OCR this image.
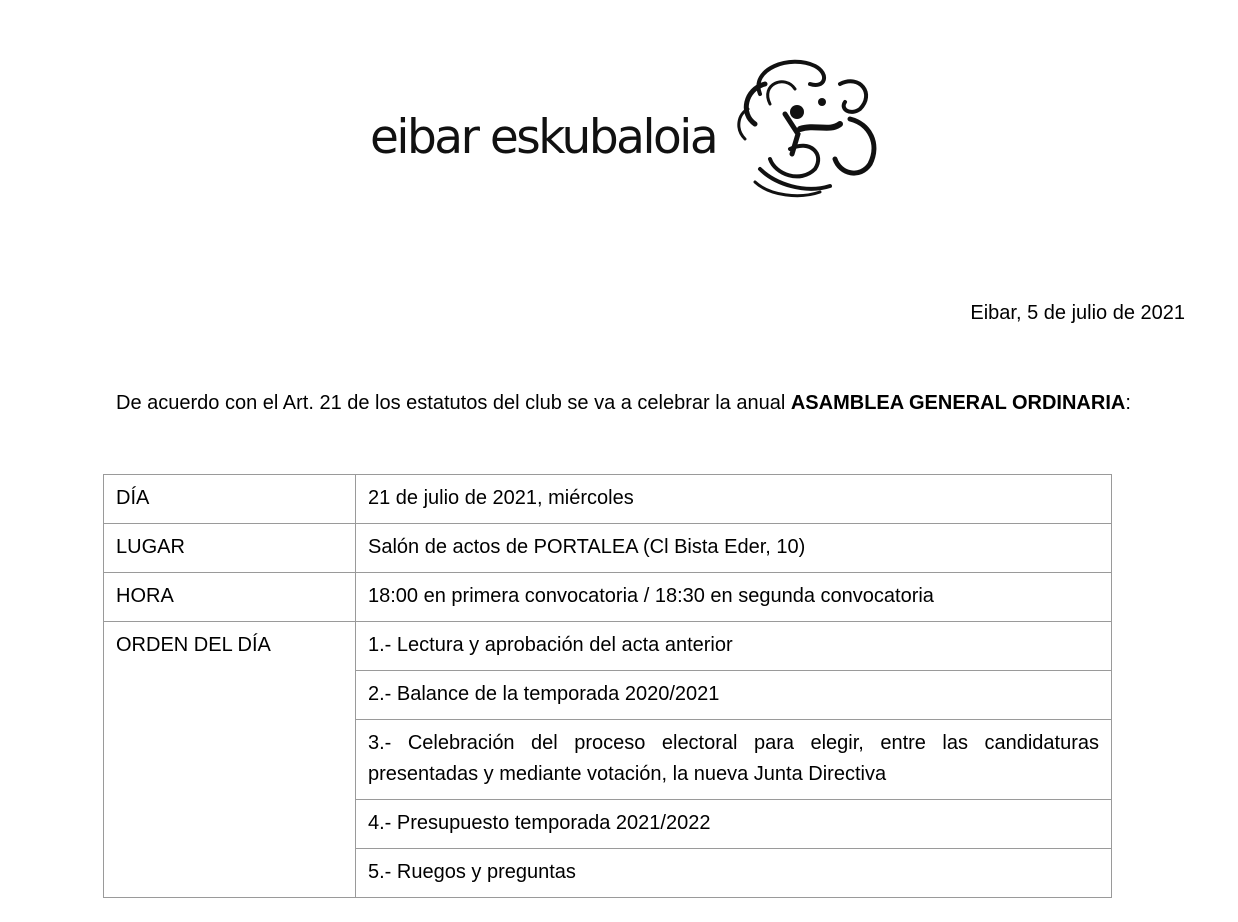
eibar eskubaloia
Eibar, 5 de julio de 2021
De acuerdo con el Art. 21 de los estatutos del club se va a celebrar la anual ASAMBLEA GENERAL ORDINARIA:
DÍA	21 de julio de 2021, miércoles
LUGAR	Salón de actos de PORTALEA (Cl Bista Eder, 10)
HORA	18:00 en primera convocatoria / 18:30 en segunda convocatoria
ORDEN DEL DÍA	1.- Lectura y aprobación del acta anterior
	2.- Balance de la temporada 2020/2021
	3.- Celebración del proceso electoral para elegir, entre las candidaturas presentadas y mediante votación, la nueva Junta Directiva
	4.- Presupuesto temporada 2021/2022
	5.- Ruegos y preguntas
